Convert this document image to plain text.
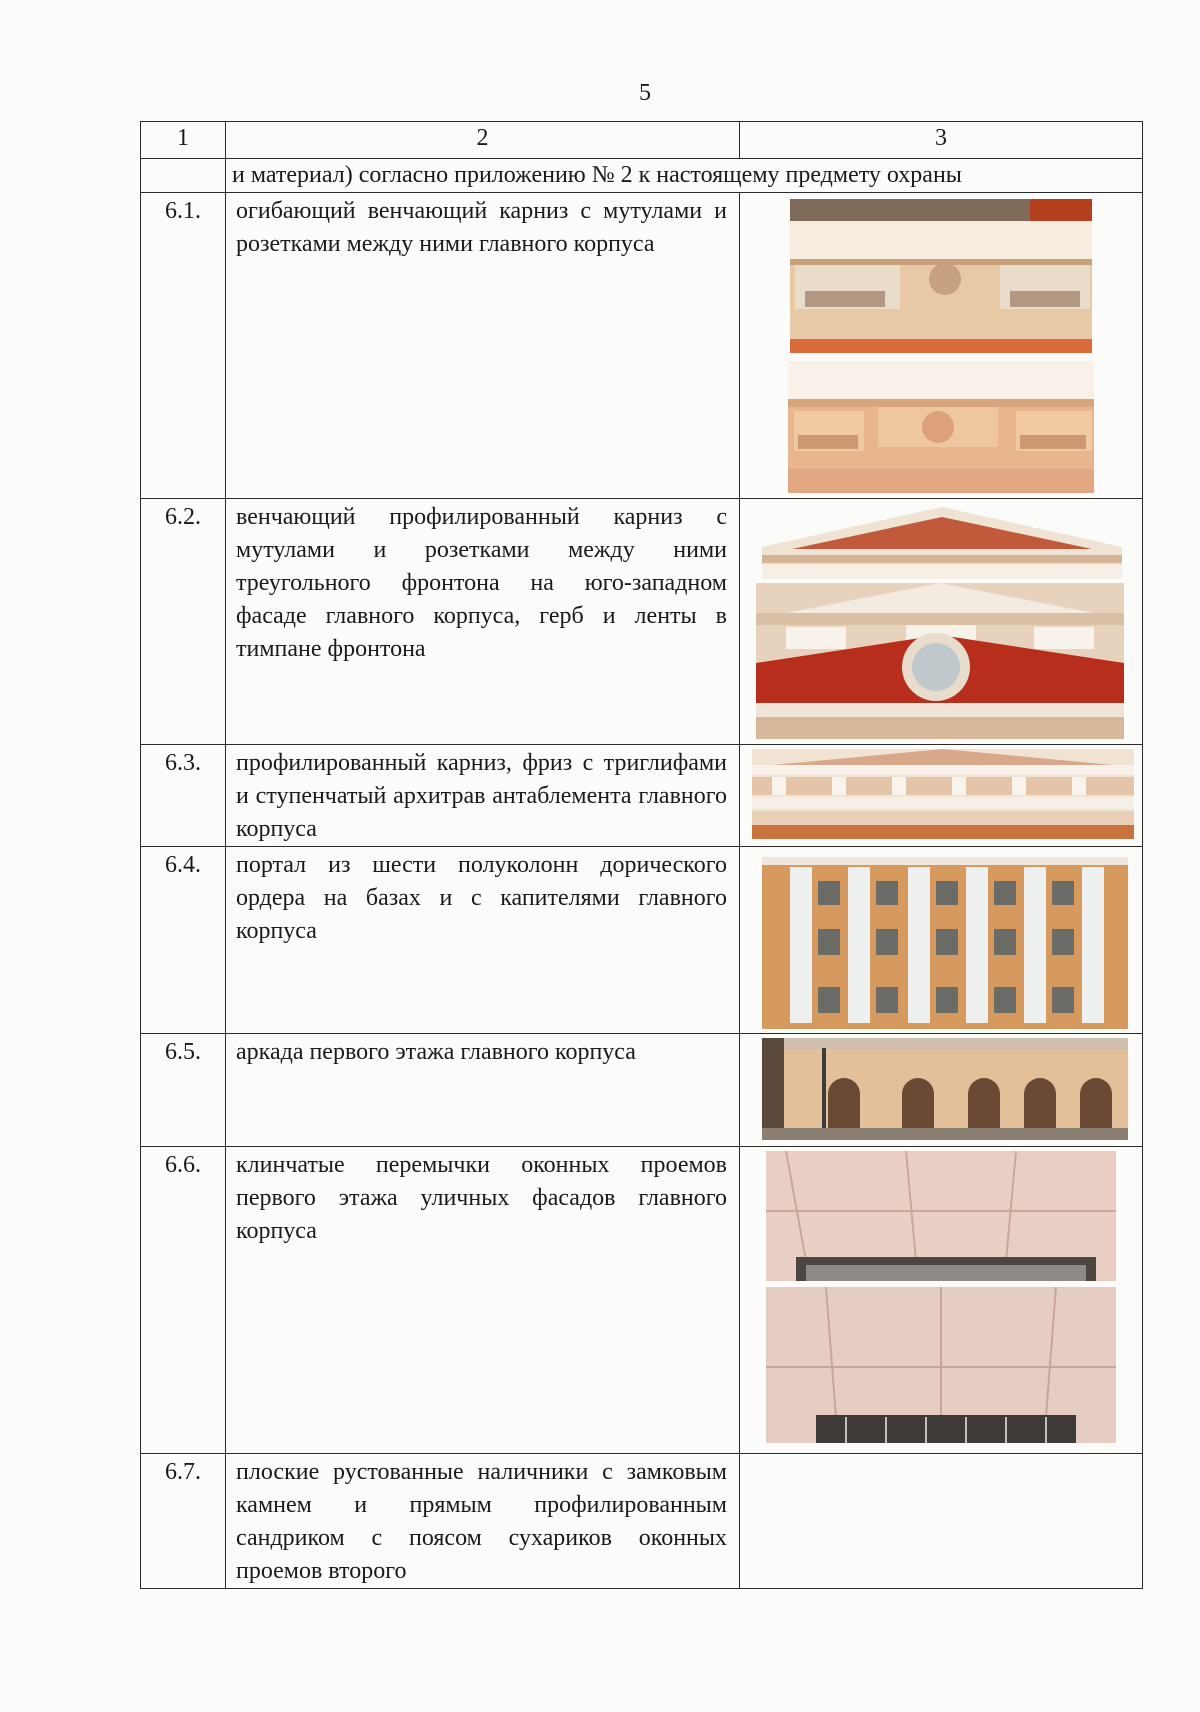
5
1	2	3
	и материал) согласно приложению № 2 к настоящему предмету охраны	
6.1.	огибающий венчающий карниз с мутулами и розетками между ними главного корпуса	

6.2.	венчающий профилированный карниз с мутулами и розетками между ними треугольного фронтона на юго-западном фасаде главного корпуса, герб и ленты в тимпане фронтона	

6.3.	профилированный карниз, фриз с триглифами и ступенчатый архитрав антаблемента главного корпуса	

6.4.	портал из шести полуколонн дорического ордера на базах и с капителями главного корпуса	

6.5.	аркада первого этажа главного корпуса	

6.6.	клинчатые перемычки оконных проемов первого этажа уличных фасадов главного корпуса	

6.7.	плоские рустованные наличники с замковым камнем и прямым профилированным сандриком с поясом сухариков оконных проемов второго	
